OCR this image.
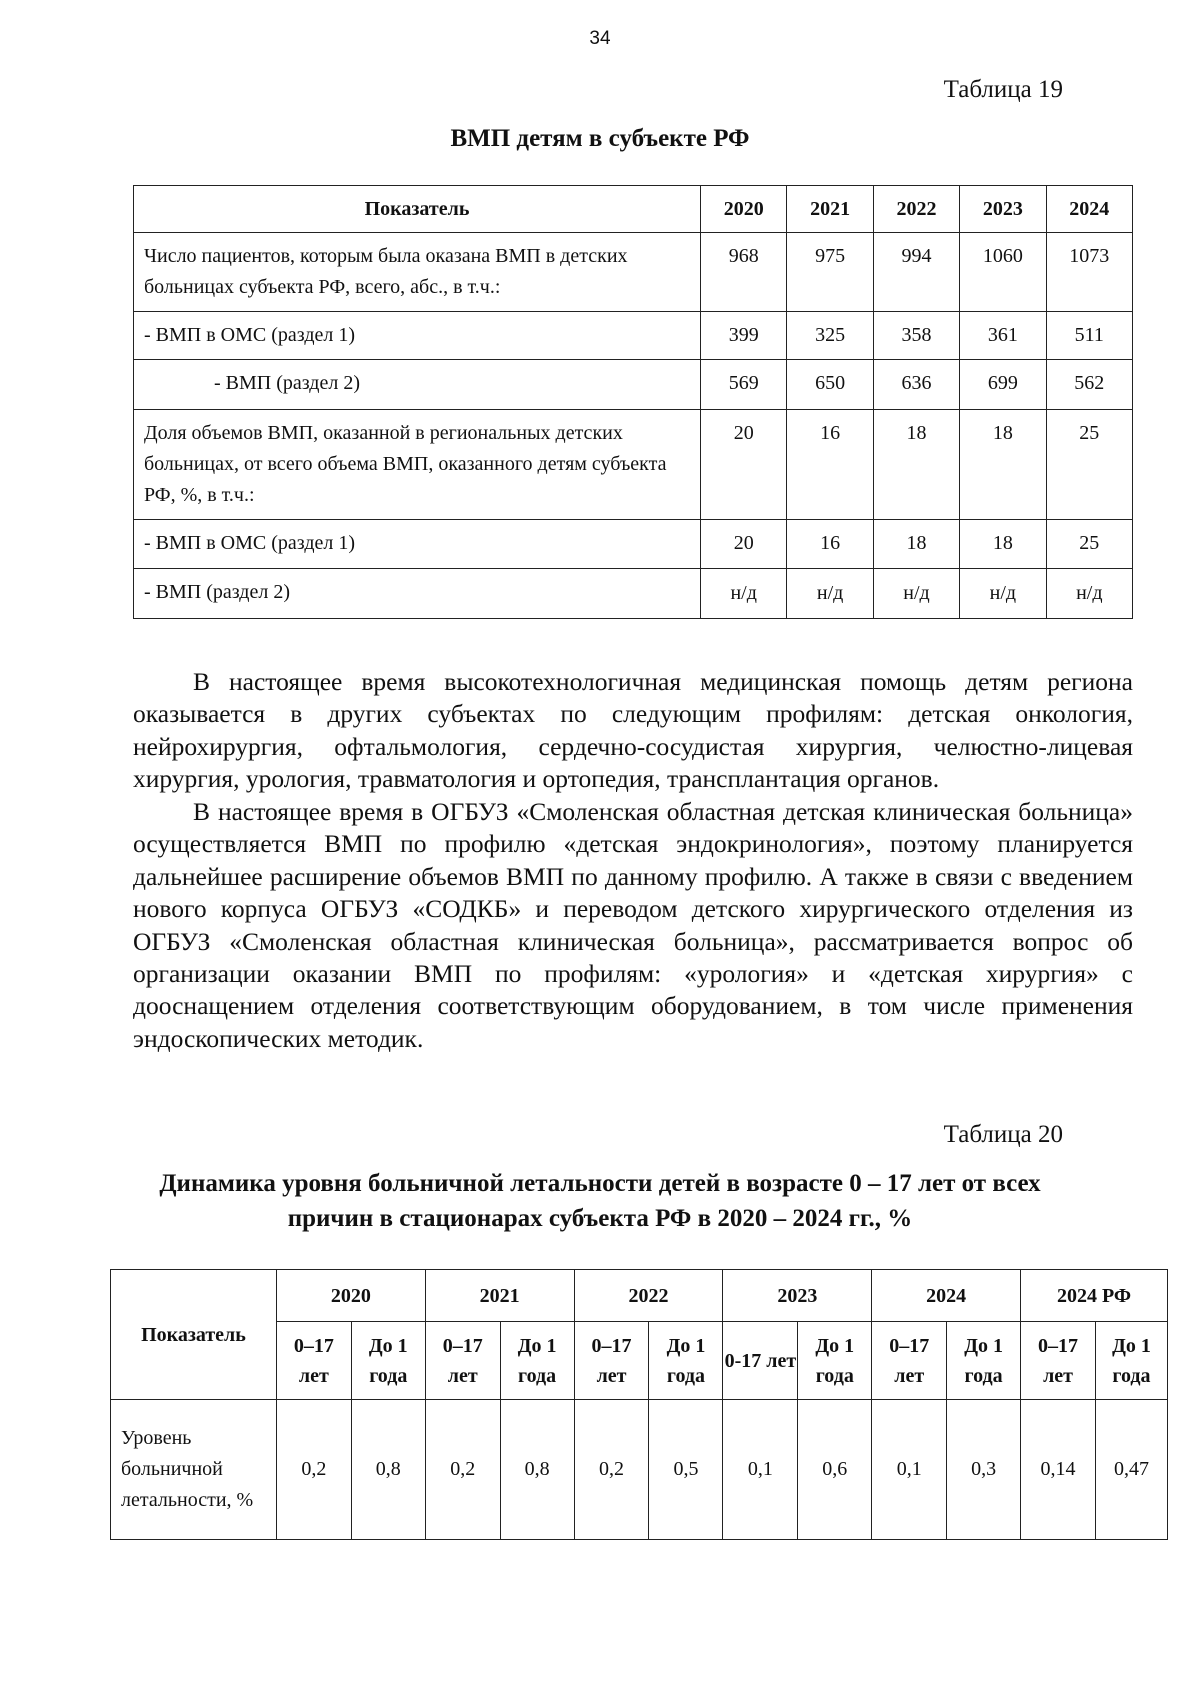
34
Таблица 19
ВМП детям в субъекте РФ
Показатель	2020	2021	2022	2023	2024
Число пациентов, которым была оказана ВМП в детских больницах субъекта РФ, всего, абс., в т.ч.:	968	975	994	1060	1073
- ВМП в ОМС (раздел 1)	399	325	358	361	511
- ВМП (раздел 2)	569	650	636	699	562
Доля объемов ВМП, оказанной в региональных детских больницах, от всего объема ВМП, оказанного детям субъекта РФ, %, в т.ч.:	20	16	18	18	25
- ВМП в ОМС (раздел 1)	20	16	18	18	25
- ВМП (раздел 2)	н/д	н/д	н/д	н/д	н/д

В настоящее время высокотехнологичная медицинская помощь детям региона оказывается в других субъектах по следующим профилям: детская онкология, нейрохирургия, офтальмология, сердечно-сосудистая хирургия, челюстно-лицевая хирургия, урология, травматология и ортопедия, трансплантация органов.

В настоящее время в ОГБУЗ «Смоленская областная детская клиническая больница» осуществляется ВМП по профилю «детская эндокринология», поэтому планируется дальнейшее расширение объемов ВМП по данному профилю. А также в связи с введением нового корпуса ОГБУЗ «СОДКБ» и переводом детского хирургического отделения из ОГБУЗ «Смоленская областная клиническая больница», рассматривается вопрос об организации оказании ВМП по профилям: «урология» и «детская хирургия» с дооснащением отделения соответствующим оборудованием, в том числе применения эндоскопических методик.

Таблица 20
Динамика уровня больничной летальности детей в возрасте 0 – 17 лет от всех
причин в стационарах субъекта РФ в 2020 – 2024 гг., %
Показатель	2020		2021		2022		2023		2024		2024 РФ	
	0–17 лет	До 1 года	0–17 лет	До 1 года	0–17 лет	До 1 года	0-17 лет	До 1 года	0–17 лет	До 1 года	0–17 лет	До 1 года
Уровень больничной летальности, %	0,2	0,8	0,2	0,8	0,2	0,5	0,1	0,6	0,1	0,3	0,14	0,47
